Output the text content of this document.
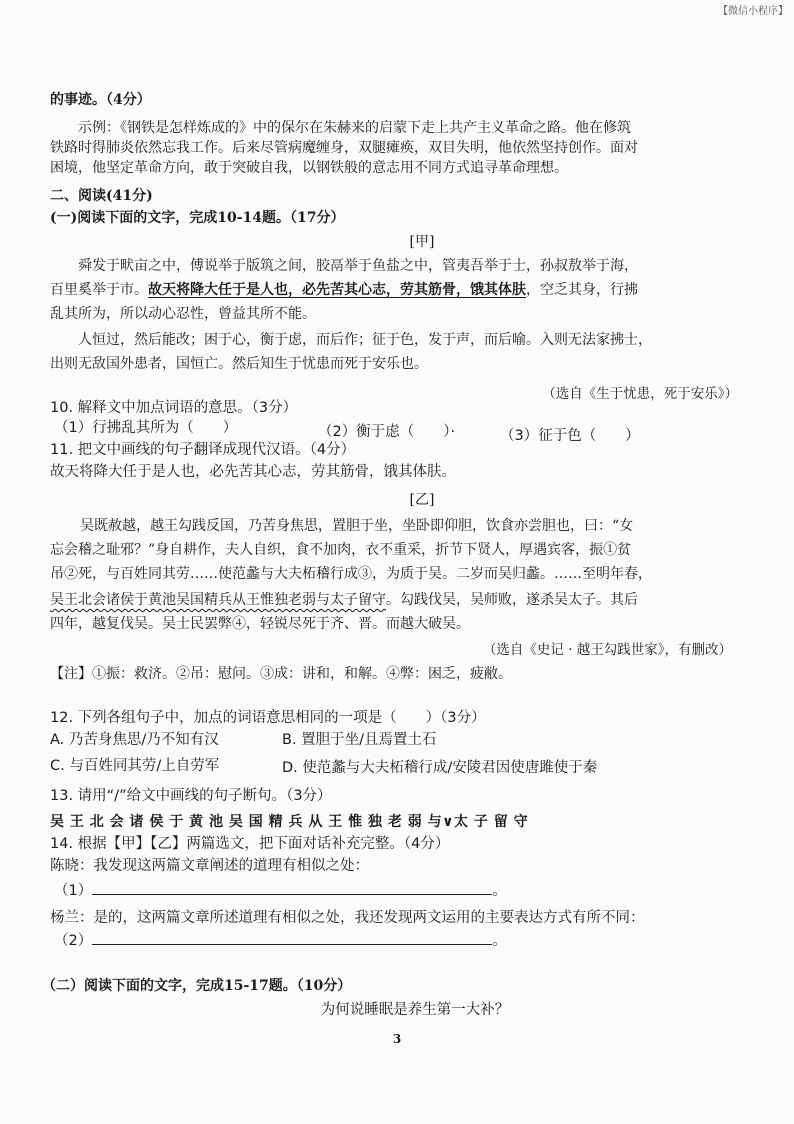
【微信小程序】
的事迹。（4分）
示例：《钢铁是怎样炼成的》中的保尔在朱赫来的启蒙下走上共产主义革命之路。他在修筑
铁路时得肺炎依然忘我工作。后来尽管病魔缠身，双腿瘫痪，双目失明，他依然坚持创作。面对
困境，他坚定革命方向，敢于突破自我，以钢铁般的意志用不同方式追寻革命理想。
二、阅读(41分)
(一)阅读下面的文字，完成10-14题。（17分）
[甲]
舜发于畎亩之中，傅说举于版筑之间，胶鬲举于鱼盐之中，管夷吾举于士，孙叔敖举于海，
百里奚举于市。故天将降大任于是人也，必先苦其心志，劳其筋骨，饿其体肤，空乏其身，行拂
乱其所为，所以动心忍性，曾益其所不能。
人恒过，然后能改；困于心，衡于虑，而后作；征于色，发于声，而后喻。入则无法家拂士，
出则无敌国外患者，国恒亡。然后知生于忧患而死于安乐也。
（选自《生于忧患，死于安乐》）
10. 解释文中加点词语的意思。（3分）
（1）行拂乱其所为（　　）	（2）衡于虑（　　）·	（3）征于色（　　）
11. 把文中画线的句子翻译成现代汉语。（4分）
故天将降大任于是人也，必先苦其心志，劳其筋骨，饿其体肤。
[乙]
吴既赦越，越王勾践反国，乃苦身焦思，置胆于坐，坐卧即仰胆，饮食亦尝胆也，曰：“女
忘会稽之耻邪？”身自耕作，夫人自织，食不加肉，衣不重采，折节下贤人，厚遇宾客，振①贫
吊②死，与百姓同其劳……使范蠡与大夫柘稽行成③，为质于吴。二岁而吴归蠡。……至明年春，
吴王北会诸侯于黄池吴国精兵从王惟独老弱与太子留守。勾践伐吴，吴师败，遂杀吴太子。其后
四年，越复伐吴。吴士民罢弊④，轻锐尽死于齐、晋。而越大破吴。
（选自《史记 · 越王勾践世家》，有删改）
【注】①振：救济。②吊：慰问。③成：讲和，和解。④弊：困乏，疲敝。
12. 下列各组句子中，加点的词语意思相同的一项是（　　）（3分）
A. 乃苦身焦思/乃不知有汉	B. 置胆于坐/且焉置土石
C. 与百姓同其劳/上自劳军	D. 使范蠡与大夫柘稽行成/安陵君因使唐雎使于秦
13. 请用“/”给文中画线的句子断句。（3分）
吴 王 北 会 诸 侯 于 黄 池 吴 国 精 兵 从 王 惟 独 老 弱 与∨太 子 留 守
14. 根据【甲】【乙】两篇选文，把下面对话补充完整。（4分）
陈晓：我发现这两篇文章阐述的道理有相似之处：
（1）	。
杨兰：是的，这两篇文章所述道理有相似之处，我还发现两文运用的主要表达方式有所不同：
（2）	。
（二）阅读下面的文字，完成15-17题。（10分）
为何说睡眠是养生第一大补？
3
